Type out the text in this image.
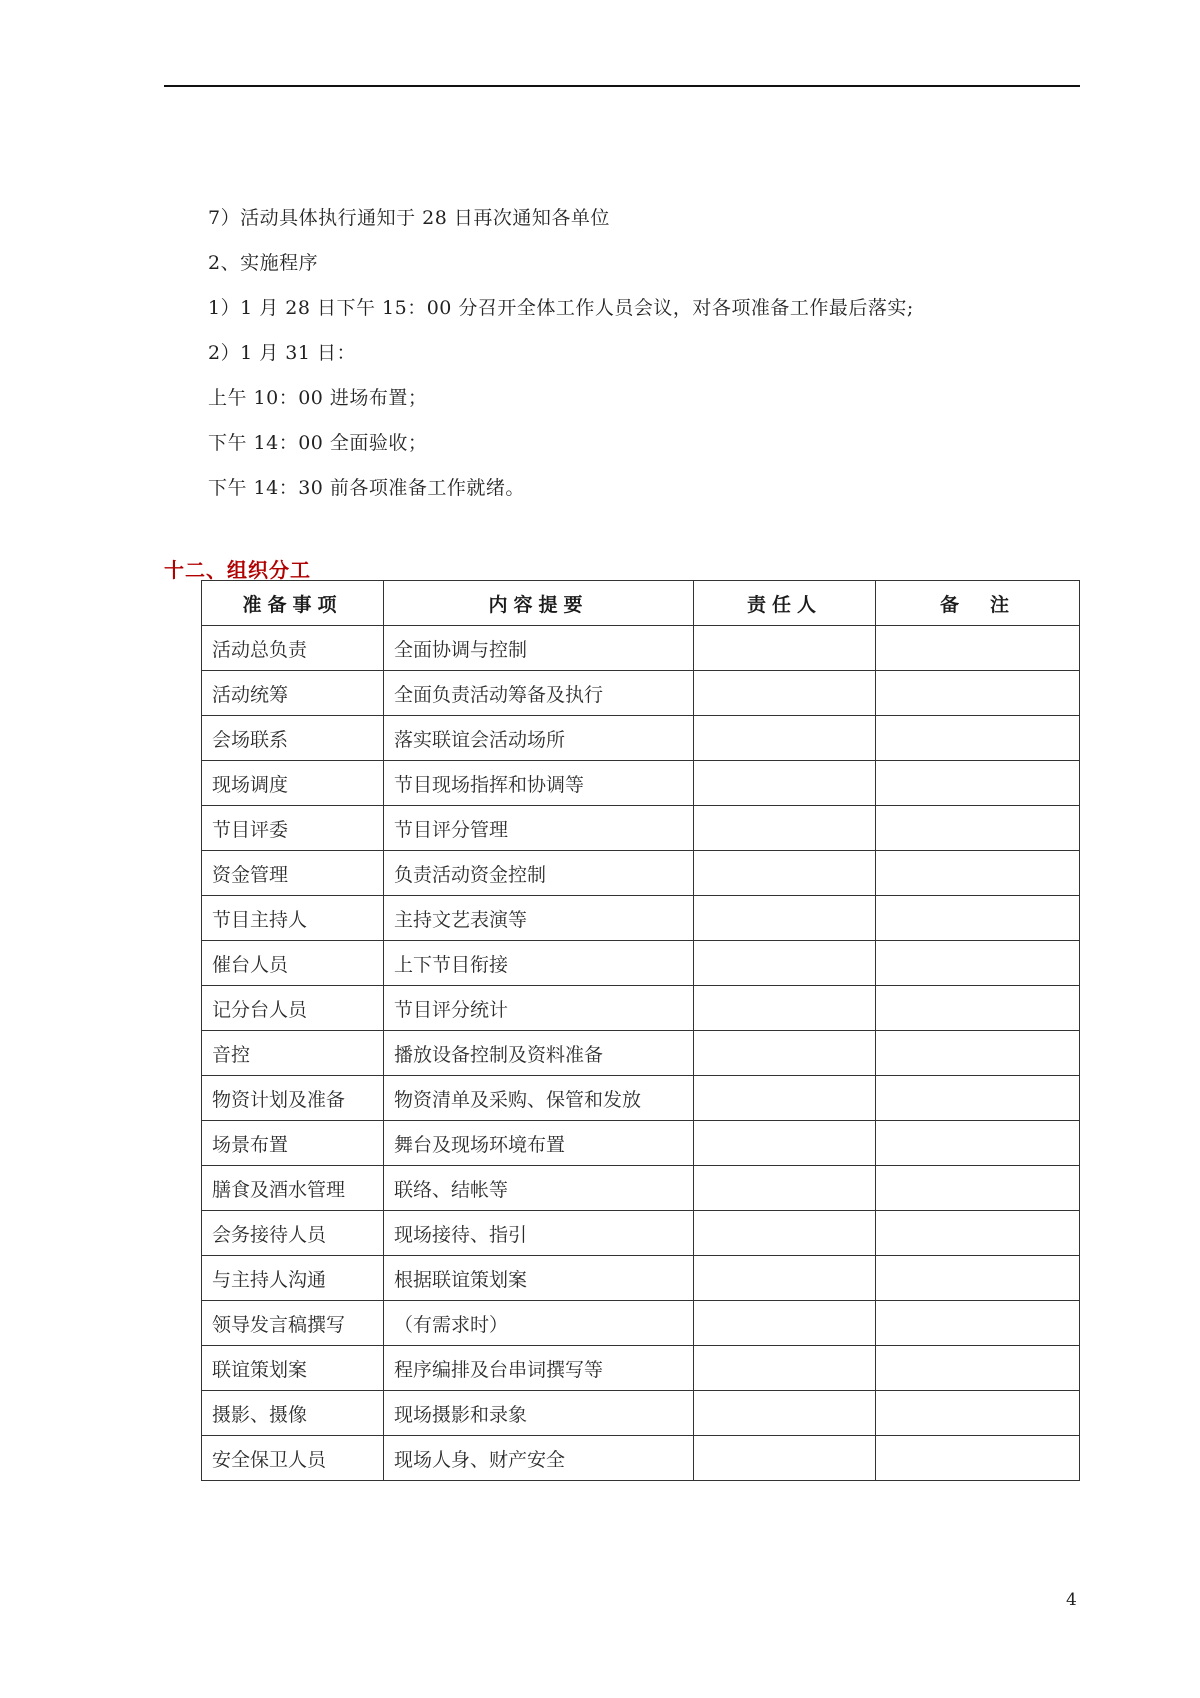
7）活动具体执行通知于 28 日再次通知各单位
2、实施程序
1）1 月 28 日下午 15：00 分召开全体工作人员会议，对各项准备工作最后落实;
2）1 月 31 日：
上午 10：00 进场布置；
下午 14：00 全面验收；
下午 14：30 前各项准备工作就绪。
十二、组织分工
准备事项	内容提要	责任人	备　注
活动总负责	全面协调与控制		
活动统筹	全面负责活动筹备及执行		
会场联系	落实联谊会活动场所		
现场调度	节目现场指挥和协调等		
节目评委	节目评分管理		
资金管理	负责活动资金控制		
节目主持人	主持文艺表演等		
催台人员	上下节目衔接		
记分台人员	节目评分统计		
音控	播放设备控制及资料准备		
物资计划及准备	物资清单及采购、保管和发放		
场景布置	舞台及现场环境布置		
膳食及酒水管理	联络、结帐等		
会务接待人员	现场接待、指引		
与主持人沟通	根据联谊策划案		
领导发言稿撰写	（有需求时）		
联谊策划案	程序编排及台串词撰写等		
摄影、摄像	现场摄影和录象		
安全保卫人员	现场人身、财产安全		
4
